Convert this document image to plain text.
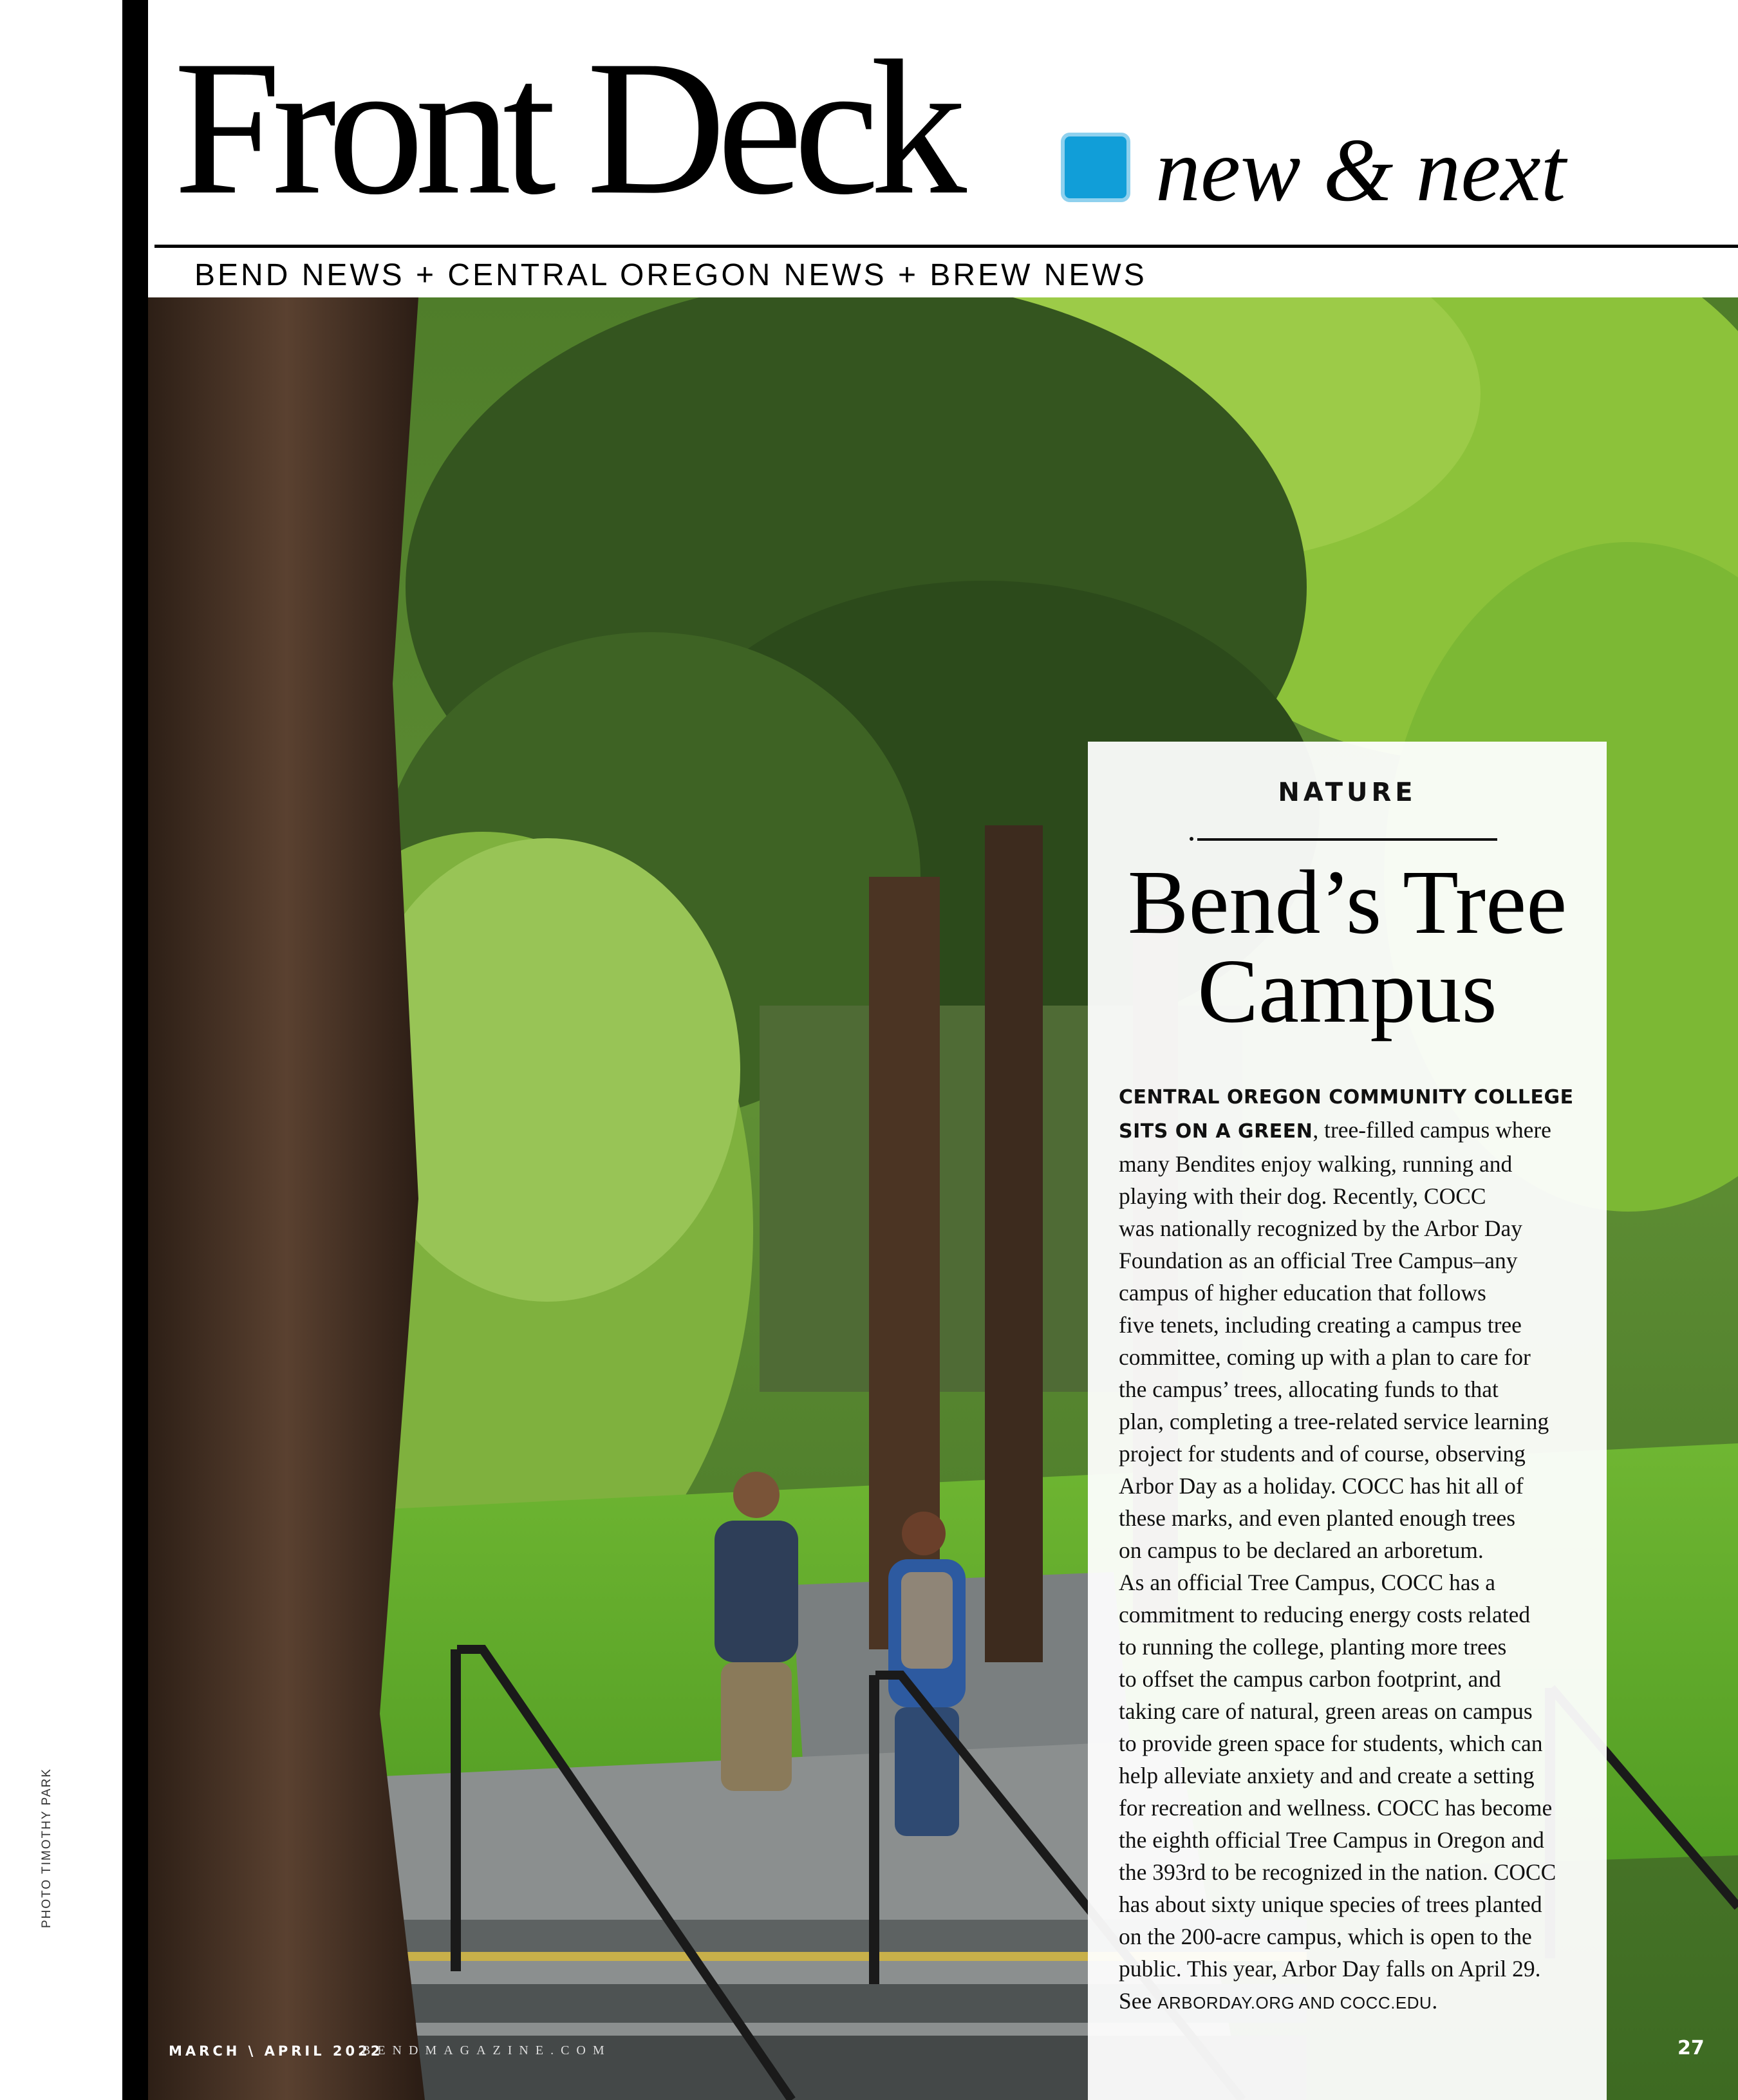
PHOTO TIMOTHY PARK
Front Deck new & next
BEND NEWS + CENTRAL OREGON NEWS + BREW NEWS
NATURE
Bend’s Tree
Campus
CENTRAL OREGON COMMUNITY COLLEGE
SITS ON A GREEN, tree-filled campus where
many Bendites enjoy walking, running and
playing with their dog. Recently, COCC
was nationally recognized by the Arbor Day
Foundation as an official Tree Campus–any
campus of higher education that follows
five tenets, including creating a campus tree
committee, coming up with a plan to care for
the campus’ trees, allocating funds to that
plan, completing a tree-related service learning
project for students and of course, observing
Arbor Day as a holiday. COCC has hit all of
these marks, and even planted enough trees
on campus to be declared an arboretum.
As an official Tree Campus, COCC has a
commitment to reducing energy costs related
to running the college, planting more trees
to offset the campus carbon footprint, and
taking care of natural, green areas on campus
to provide green space for students, which can
help alleviate anxiety and and create a setting
for recreation and wellness. COCC has become
the eighth official Tree Campus in Oregon and
the 393rd to be recognized in the nation. COCC
has about sixty unique species of trees planted
on the 200-acre campus, which is open to the
public. This year, Arbor Day falls on April 29.
See ARBORDAY.ORG AND COCC.EDU.
MARCH \ APRIL 2022
BENDMAGAZINE.COM	27
